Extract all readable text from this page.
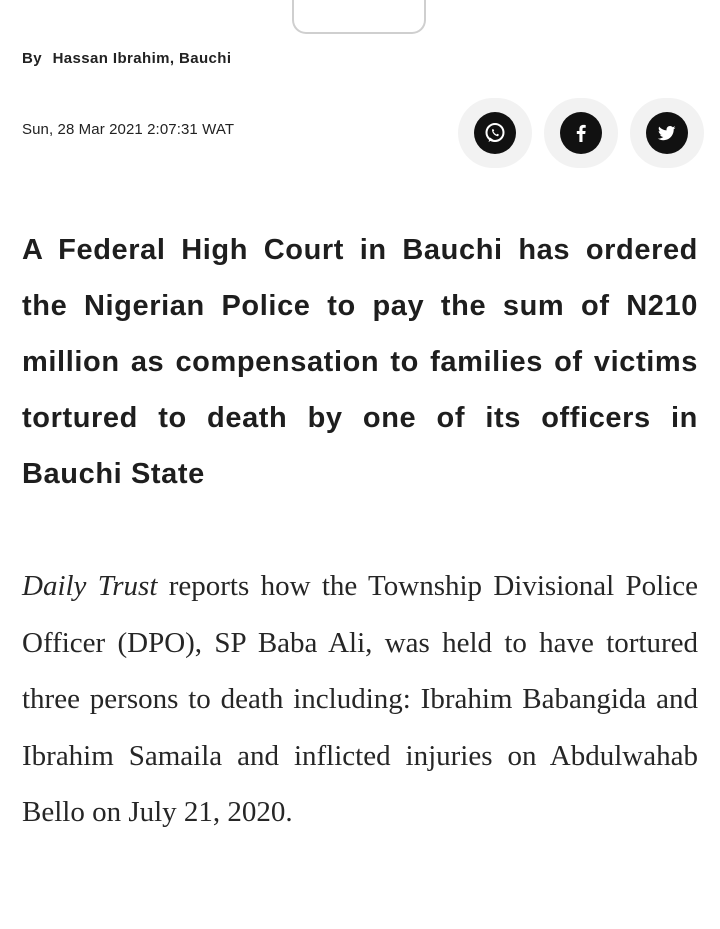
By Hassan Ibrahim, Bauchi
Sun, 28 Mar 2021 2:07:31 WAT
A Federal High Court in Bauchi has ordered the Nigerian Police to pay the sum of N210 million as compensation to families of victims tortured to death by one of its officers in Bauchi State

Daily Trust reports how the Township Divisional Police Officer (DPO), SP Baba Ali, was held to have tortured three persons to death including: Ibrahim Babangida and Ibrahim Samaila and inflicted injuries on Abdulwahab Bello on July 21, 2020.
